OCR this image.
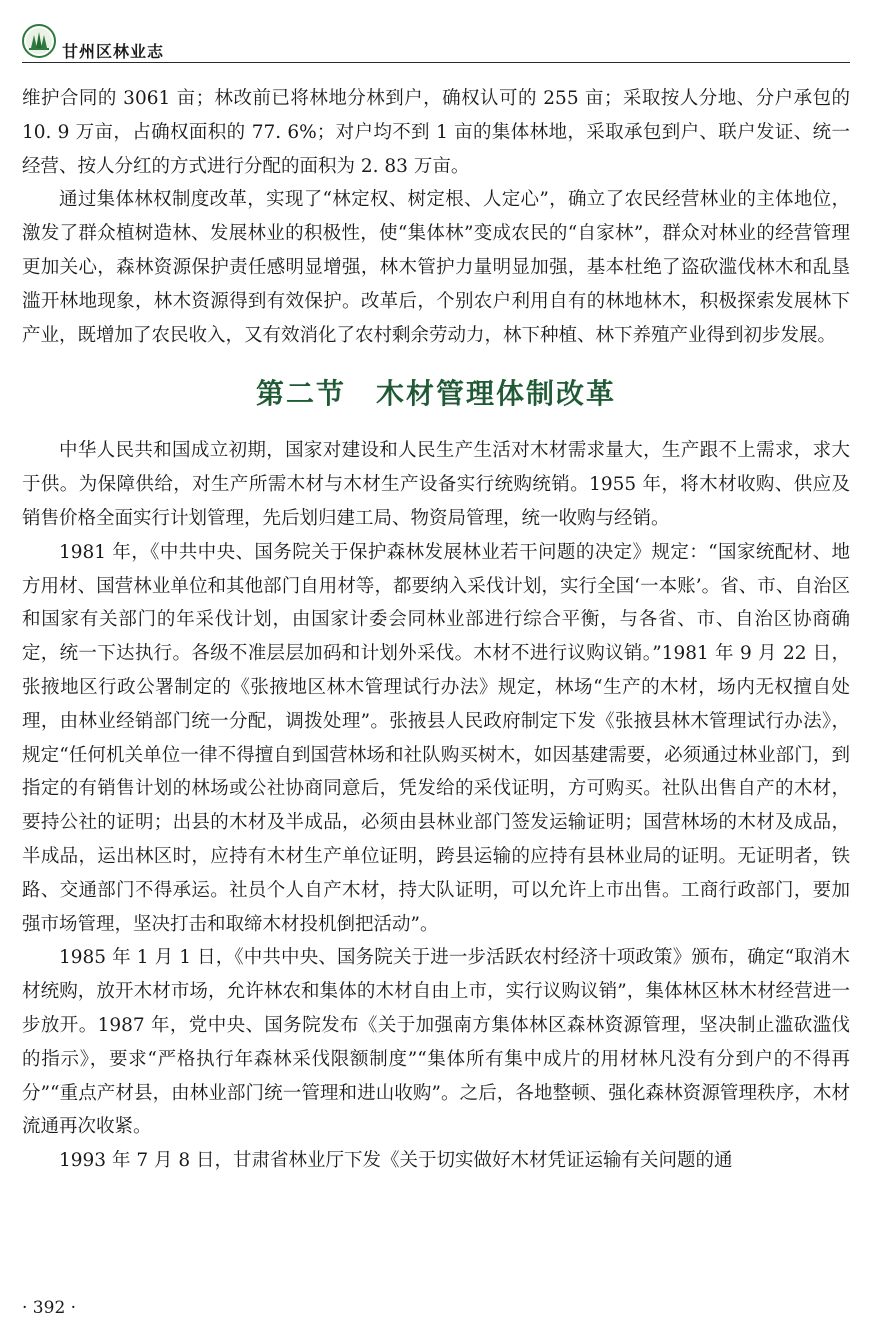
甘州区林业志

维护合同的 3061 亩；林改前已将林地分林到户，确权认可的 255 亩；采取按人分地、分户承包的 10. 9 万亩，占确权面积的 77. 6%；对户均不到 1 亩的集体林地，采取承包到户、联户发证、统一经营、按人分红的方式进行分配的面积为 2. 83 万亩。

通过集体林权制度改革，实现了“林定权、树定根、人定心”，确立了农民经营林业的主体地位，激发了群众植树造林、发展林业的积极性，使“集体林”变成农民的“自家林”，群众对林业的经营管理更加关心，森林资源保护责任感明显增强，林木管护力量明显加强，基本杜绝了盗砍滥伐林木和乱垦滥开林地现象，林木资源得到有效保护。改革后，个别农户利用自有的林地林木，积极探索发展林下产业，既增加了农民收入，又有效消化了农村剩余劳动力，林下种植、林下养殖产业得到初步发展。

第二节　木材管理体制改革

中华人民共和国成立初期，国家对建设和人民生产生活对木材需求量大，生产跟不上需求，求大于供。为保障供给，对生产所需木材与木材生产设备实行统购统销。1955 年，将木材收购、供应及销售价格全面实行计划管理，先后划归建工局、物资局管理，统一收购与经销。

1981 年，《中共中央、国务院关于保护森林发展林业若干问题的决定》规定：“国家统配材、地方用材、国营林业单位和其他部门自用材等，都要纳入采伐计划，实行全国‘一本账’。省、市、自治区和国家有关部门的年采伐计划，由国家计委会同林业部进行综合平衡，与各省、市、自治区协商确定，统一下达执行。各级不准层层加码和计划外采伐。木材不进行议购议销。”1981 年 9 月 22 日，张掖地区行政公署制定的《张掖地区林木管理试行办法》规定，林场“生产的木材，场内无权擅自处理，由林业经销部门统一分配，调拨处理”。张掖县人民政府制定下发《张掖县林木管理试行办法》，规定“任何机关单位一律不得擅自到国营林场和社队购买树木，如因基建需要，必须通过林业部门，到指定的有销售计划的林场或公社协商同意后，凭发给的采伐证明，方可购买。社队出售自产的木材，要持公社的证明；出县的木材及半成品，必须由县林业部门签发运输证明；国营林场的木材及成品，半成品，运出林区时，应持有木材生产单位证明，跨县运输的应持有县林业局的证明。无证明者，铁路、交通部门不得承运。社员个人自产木材，持大队证明，可以允许上市出售。工商行政部门，要加强市场管理，坚决打击和取缔木材投机倒把活动”。

1985 年 1 月 1 日，《中共中央、国务院关于进一步活跃农村经济十项政策》颁布，确定“取消木材统购，放开木材市场，允许林农和集体的木材自由上市，实行议购议销”，集体林区林木材经营进一步放开。1987 年，党中央、国务院发布《关于加强南方集体林区森林资源管理，坚决制止滥砍滥伐的指示》，要求“严格执行年森林采伐限额制度”“集体所有集中成片的用材林凡没有分到户的不得再分”“重点产材县，由林业部门统一管理和进山收购”。之后，各地整顿、强化森林资源管理秩序，木材流通再次收紧。

1993 年 7 月 8 日，甘肃省林业厅下发《关于切实做好木材凭证运输有关问题的通

· 392 ·
